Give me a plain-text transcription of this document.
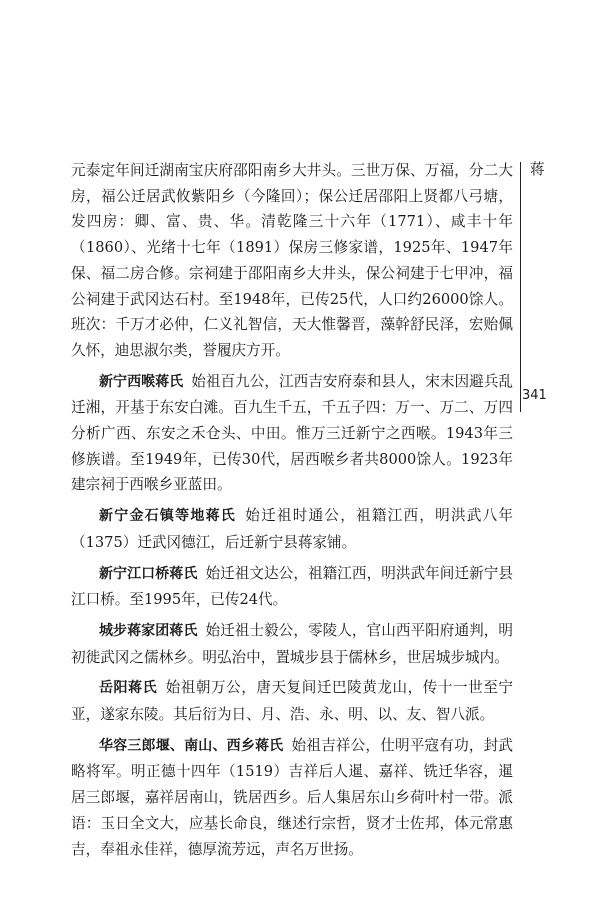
元泰定年间迁湖南宝庆府邵阳南乡大井头。三世万保、万福，分二大房，福公迁居武攸紫阳乡（今隆回）；保公迁居邵阳上贤都八弓塘，发四房：卿、富、贵、华。清乾隆三十六年（1771）、咸丰十年（1860）、光绪十七年（1891）保房三修家谱，1925年、1947年保、福二房合修。宗祠建于邵阳南乡大井头，保公祠建于七甲冲，福公祠建于武冈达石村。至1948年，已传25代，人口约26000馀人。班次：千万才必仲，仁义礼智信，天大惟馨晋，藻幹舒民泽，宏贻佩久怀，迪思淑尔类，誉履庆方开。

新宁西喉蒋氏 始祖百九公，江西吉安府泰和县人，宋末因避兵乱迁湘，开基于东安白滩。百九生千五，千五子四：万一、万二、万四分析广西、东安之禾仓头、中田。惟万三迁新宁之西喉。1943年三修族谱。至1949年，已传30代，居西喉乡者共8000馀人。1923年建宗祠于西喉乡亚蓝田。

新宁金石镇等地蒋氏 始迁祖时通公，祖籍江西，明洪武八年（1375）迁武冈德江，后迁新宁县蒋家铺。

新宁江口桥蒋氏 始迁祖文达公，祖籍江西，明洪武年间迁新宁县江口桥。至1995年，已传24代。

城步蒋家团蒋氏 始迁祖士毅公，零陵人，官山西平阳府通判，明初徙武冈之儒林乡。明弘治中，置城步县于儒林乡，世居城步城内。

岳阳蒋氏 始祖朝万公，唐天复间迁巴陵黄龙山，传十一世至宁亚，遂家东陵。其后衍为日、月、浩、永、明、以、友、智八派。

华容三郎堰、南山、西乡蒋氏 始祖吉祥公，仕明平寇有功，封武略将军。明正德十四年（1519）吉祥后人暹、嘉祥、铣迁华容，暹居三郎堰，嘉祥居南山，铣居西乡。后人集居东山乡荷叶村一带。派语：玉日全文大，应基长命良，继述行宗哲，贤才士佐邦，体元常惠吉，奉祖永佳祥，德厚流芳远，声名万世扬。

蒋
341
